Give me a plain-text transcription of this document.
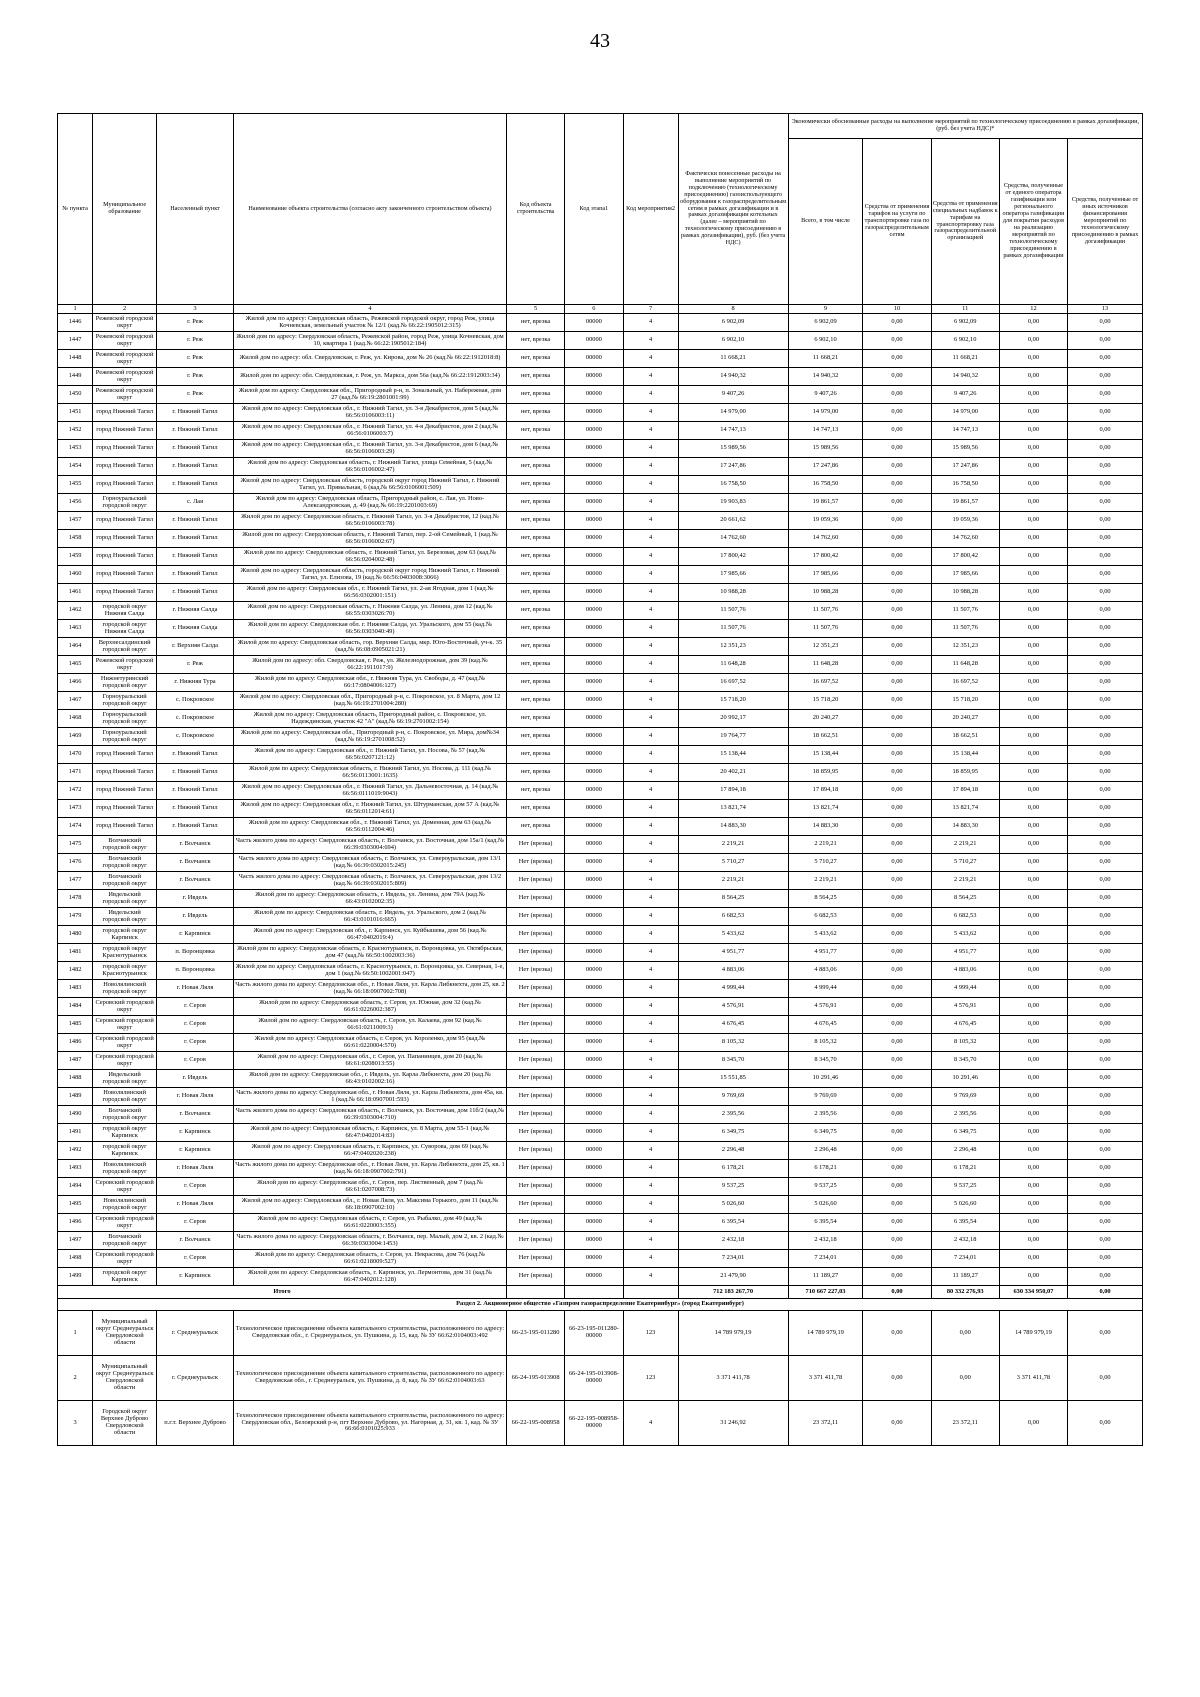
43
№ пункта	Муниципальное образование	Населенный пункт	Наименование объекта строительства (согласно акту законченного строительством объекта)	Код объекта строительства	Код этапа1	Код мероприятия2	Фактически понесенные расходы на выполнение мероприятий по подключению (технологическому присоединению) газоиспользующего оборудования к газораспределительным сетям в рамках догазификации и в рамках догазификации котельных (далее – мероприятий по технологическому присоединению в рамках догазификации), руб. (без учета НДС)	Экономически обоснованные расходы на выполнение мероприятий по технологическому присоединению в рамках догазификации, (руб. без учета НДС)*				
								Всего, в том числе	Средства от применения тарифов на услуги по транспортировке газа по газораспределительным сетям	Средства от применения специальных надбавок к тарифам на транспортировку газа газораспределительной организацией	Средства, полученные от единого оператора газификации или регионального оператора газификации для покрытия расходов на реализацию мероприятий по технологическому присоединению в рамках догазификации	Средства, полученные от иных источников финансирования мероприятий по технологическому присоединению в рамках догазификации
1	2	3	4	5	6	7	8	9	10	11	12	13
1446	Режевской городской округ	г. Реж	Жилой дом по адресу: Свердловская область, Режевской городской округ, город Реж, улица Кочневская, земельный участок № 12/1 (кад.№ 66:22:1905012:315)	нет, врезка	00000	4	6 902,09	6 902,09	0,00	6 902,09	0,00	0,00
1447	Режевской городской округ	г. Реж	Жилой дом по адресу: Свердловская область, Режевской район, город Реж, улица Кочневская, дом 10, квартира 1 (кад.№ 66:22:1905012:184)	нет, врезка	00000	4	6 902,10	6 902,10	0,00	6 902,10	0,00	0,00
1448	Режевской городской округ	г. Реж	Жилой дом по адресу: обл. Свердловская, г. Реж, ул. Кирова, дом № 26 (кад.№ 66:22:1912018:8)	нет, врезка	00000	4	11 668,21	11 668,21	0,00	11 668,21	0,00	0,00
1449	Режевской городской округ	г. Реж	Жилой дом по адресу: обл. Свердловская, г. Реж, ул. Маркса, дом 56а (кад.№ 66:22:1912003:34)	нет, врезка	00000	4	14 940,32	14 940,32	0,00	14 940,32	0,00	0,00
1450	Режевской городской округ	г. Реж	Жилой дом по адресу: Свердловская обл., Пригородный р-н, п. Зональный, ул. Набережная, дом 27 (кад.№ 66:19:2801001:99)	нет, врезка	00000	4	9 407,26	9 407,26	0,00	9 407,26	0,00	0,00
1451	город Нижний Тагил	г. Нижний Тагил	Жилой дом по адресу: Свердловская обл., г. Нижний Тагил, ул. 3-я Декабристов, дом 5 (кад.№ 66:56:0106003:11)	нет, врезка	00000	4	14 979,00	14 979,00	0,00	14 979,00	0,00	0,00
1452	город Нижний Тагил	г. Нижний Тагил	Жилой дом по адресу: Свердловская обл., г. Нижний Тагил, ул. 4-я Декабристов, дом 2 (кад.№ 66:56:0106003:7)	нет, врезка	00000	4	14 747,13	14 747,13	0,00	14 747,13	0,00	0,00
1453	город Нижний Тагил	г. Нижний Тагил	Жилой дом по адресу: Свердловская обл., г. Нижний Тагил, ул. 3-я Декабристов, дом 6 (кад.№ 66:56:0106003:29)	нет, врезка	00000	4	15 989,56	15 989,56	0,00	15 989,56	0,00	0,00
1454	город Нижний Тагил	г. Нижний Тагил	Жилой дом по адресу: Свердловская область, г. Нижний Тагил, улица Семейная, 5 (кад.№ 66:56:0106002:47)	нет, врезка	00000	4	17 247,86	17 247,86	0,00	17 247,86	0,00	0,00
1455	город Нижний Тагил	г. Нижний Тагил	Жилой дом по адресу: Свердловская область, городской округ город Нижний Тагил, г. Нижний Тагил, ул. Прямальная, 6 (кад.№ 66:56:0106001:509)	нет, врезка	00000	4	16 758,50	16 758,50	0,00	16 758,50	0,00	0,00
1456	Горноуральский городской округ	с. Лая	Жилой дом по адресу: Свердловская область, Пригородный район, с. Лая, ул. Ново-Александровская, д. 49 (кад.№ 66:19:2201003:69)	нет, врезка	00000	4	19 903,83	19 861,57	0,00	19 861,57	0,00	0,00
1457	город Нижний Тагил	г. Нижний Тагил	Жилой дом по адресу: Свердловская область, г. Нижний Тагил, ул. 3-я Декабристов, 12 (кад.№ 66:56:0106003:78)	нет, врезка	00000	4	20 661,62	19 059,36	0,00	19 059,36	0,00	0,00
1458	город Нижний Тагил	г. Нижний Тагил	Жилой дом по адресу: Свердловская область, г. Нижний Тагил, пер. 2-ой Семейный, 1 (кад.№ 66:56:0106002:67)	нет, врезка	00000	4	14 762,60	14 762,60	0,00	14 762,60	0,00	0,00
1459	город Нижний Тагил	г. Нижний Тагил	Жилой дом по адресу: Свердловская область, г. Нижний Тагил, ул. Березовая, дом 63 (кад.№ 66:56:0204002:48)	нет, врезка	00000	4	17 800,42	17 800,42	0,00	17 800,42	0,00	0,00
1460	город Нижний Тагил	г. Нижний Тагил	Жилой дом по адресу: Свердловская область, городской округ город Нижний Тагил, г. Нижний Тагил, ул. Елизова, 19 (кад.№ 66:56:0403008:3066)	нет, врезка	00000	4	17 985,66	17 985,66	0,00	17 985,66	0,00	0,00
1461	город Нижний Тагил	г. Нижний Тагил	Жилой дом по адресу: Свердловская обл., г. Нижний Тагил, ул. 2-ая Ягодная, дом 1 (кад.№ 66:56:0302001:151)	нет, врезка	00000	4	10 988,28	10 988,28	0,00	10 988,28	0,00	0,00
1462	городской округ Нижняя Салда	г. Нижняя Салда	Жилой дом по адресу: Свердловская область, г. Нижняя Салда, ул. Ленина, дом 12 (кад.№ 66:55:0303026:70)	нет, врезка	00000	4	11 507,76	11 507,76	0,00	11 507,76	0,00	0,00
1463	городской округ Нижняя Салда	г. Нижняя Салда	Жилой дом по адресу: Свердловская обл. г. Нижняя Салда, ул. Уральского, дом 55 (кад.№ 66:56:0303040:49)	нет, врезка	00000	4	11 507,76	11 507,76	0,00	11 507,76	0,00	0,00
1464	Верхнесалдинский городской округ	г. Верхняя Салда	Жилой дом по адресу: Свердловская область, гор. Верхняя Салда, мкр. Юго-Восточный, уч-к. 35 (кад.№ 66:08:0905021:21)	нет, врезка	00000	4	12 351,23	12 351,23	0,00	12 351,23	0,00	0,00
1465	Режевской городской округ	г. Реж	Жилой дом по адресу: обл. Свердловская, г. Реж, ул. Железнодорожная, дом 39 (кад.№ 66:22:1911017:9)	нет, врезка	00000	4	11 648,28	11 648,28	0,00	11 648,28	0,00	0,00
1466	Нижнетуринский городской округ	г. Нижняя Тура	Жилой дом по адресу: Свердловская обл., г. Нижняя Тура, ул. Свободы, д. 47 (кад.№ 66:17:0804006:127)	нет, врезка	00000	4	16 697,52	16 697,52	0,00	16 697,52	0,00	0,00
1467	Горноуральский городской округ	с. Покровское	Жилой дом по адресу: Свердловская обл., Пригородный р-н, с. Покровское, ул. 8 Марта, дом 12 (кад.№ 66:19:2701004:280)	нет, врезка	00000	4	15 718,20	15 718,20	0,00	15 718,20	0,00	0,00
1468	Горноуральский городской округ	с. Покровское	Жилой дом по адресу: Свердловская область, Пригородный район, с. Покровское, ул. Надеждинская, участок 42 "А" (кад.№ 66:19:2701002:154)	нет, врезка	00000	4	20 992,17	20 240,27	0,00	20 240,27	0,00	0,00
1469	Горноуральский городской округ	с. Покровское	Жилой дом по адресу: Свердловская обл., Пригородный р-н, с. Покровское, ул. Мира, дом№34 (кад.№ 66:19:2701008:52)	нет, врезка	00000	4	19 764,77	18 662,51	0,00	18 662,51	0,00	0,00
1470	город Нижний Тагил	г. Нижний Тагил	Жилой дом по адресу: Свердловская обл., г. Нижний Тагил, ул. Носова, № 57 (кад.№ 66:56:0207121:12)	нет, врезка	00000	4	15 138,44	15 138,44	0,00	15 138,44	0,00	0,00
1471	город Нижний Тагил	г. Нижний Тагил	Жилой дом по адресу: Свердловская область, г. Нижний Тагил, ул. Носова, д. 111 (кад.№ 66:56:0113001:1635)	нет, врезка	00000	4	20 402,21	18 859,95	0,00	18 859,95	0,00	0,00
1472	город Нижний Тагил	г. Нижний Тагил	Жилой дом по адресу: Свердловская обл., г. Нижний Тагил, ул. Дальневосточная, д. 14 (кад.№ 66:56:0111019:9043)	нет, врезка	00000	4	17 894,18	17 894,18	0,00	17 894,18	0,00	0,00
1473	город Нижний Тагил	г. Нижний Тагил	Жилой дом по адресу: Свердловская обл., г. Нижний Тагил, ул. Штурманская, дом 57 А (кад.№ 66:56:0112014:61)	нет, врезка	00000	4	13 821,74	13 821,74	0,00	13 821,74	0,00	0,00
1474	город Нижний Тагил	г. Нижний Тагил	Жилой дом по адресу: Свердловская обл., г. Нижний Тагил, ул. Доменная, дом 63 (кад.№ 66:56:0112004:46)	нет, врезка	00000	4	14 883,30	14 883,30	0,00	14 883,30	0,00	0,00
1475	Волчанский городской округ	г. Волчанск	Часть жилого дома по адресу: Свердловская область, г. Волчанск, ул. Восточная, дом 15а/1 (кад.№ 66:39:0303004:694)	Нет (врезка)	00000	4	2 219,21	2 219,21	0,00	2 219,21	0,00	0,00
1476	Волчанский городской округ	г. Волчанск	Часть жилого дома по адресу: Свердловская область, г. Волчанск, ул. Североуральская, дом 13/1 (кад.№ 66:39:0302015:245)	Нет (врезка)	00000	4	5 710,27	5 710,27	0,00	5 710,27	0,00	0,00
1477	Волчанский городской округ	г. Волчанск	Часть жилого дома по адресу: Свердловская область, г. Волчанск, ул. Североуральская, дом 13/2 (кад.№ 66:39:0302015:809)	Нет (врезка)	00000	4	2 219,21	2 219,21	0,00	2 219,21	0,00	0,00
1478	Ивдельский городской округ	г. Ивдель	Жилой дом по адресу: Свердловская область, г. Ивдель, ул. Ленина, дом 79А (кад.№ 66:43:0102002:35)	Нет (врезка)	00000	4	8 564,25	8 564,25	0,00	8 564,25	0,00	0,00
1479	Ивдельский городской округ	г. Ивдель	Жилой дом по адресу: Свердловская область, г. Ивдель, ул. Уральского, дом 2 (кад.№ 66:43:0101016:665)	Нет (врезка)	00000	4	6 682,53	6 682,53	0,00	6 682,53	0,00	0,00
1480	городской округ Карпинск	г. Карпинск	Жилой дом по адресу: Свердловская обл., г. Карпинск, ул. Куйбышева, дом 56 (кад.№ 66:47:0402019:4)	Нет (врезка)	00000	4	5 433,62	5 433,62	0,00	5 433,62	0,00	0,00
1481	городской округ Краснотурьинск	п. Воронцовка	Жилой дом по адресу: Свердловская область, г. Краснотурьинск, п. Воронцовка, ул. Октябрьская, дом 47 (кад.№ 66:50:1002003:36)	Нет (врезка)	00000	4	4 951,77	4 951,77	0,00	4 951,77	0,00	0,00
1482	городской округ Краснотурьинск	п. Воронцовка	Жилой дом по адресу: Свердловская область, г. Краснотурьинск, п. Воронцовка, ул. Северная, 1-е, дом 1 (кад.№ 66:50:1002001:047)	Нет (врезка)	00000	4	4 883,06	4 883,06	0,00	4 883,06	0,00	0,00
1483	Новолялинский городской округ	г. Новая Ляля	Часть жилого дома по адресу: Свердловская обл., г. Новая Ляля, ул. Карла Либкнехта, дом 25, кв. 2 (кад.№ 66:18:0907002:708)	Нет (врезка)	00000	4	4 999,44	4 999,44	0,00	4 999,44	0,00	0,00
1484	Серовский городской округ	г. Серов	Жилой дом по адресу: Свердловская область, г. Серов, ул. Южная, дом 32 (кад.№ 66:61:0226002:387)	Нет (врезка)	00000	4	4 576,91	4 576,91	0,00	4 576,91	0,00	0,00
1485	Серовский городской округ	г. Серов	Жилой дом по адресу: Свердловская область, г. Серов, ул. Калаева, дом 92 (кад.№ 66:61:0211009:3)	Нет (врезка)	00000	4	4 676,45	4 676,45	0,00	4 676,45	0,00	0,00
1486	Серовский городской округ	г. Серов	Жилой дом по адресу: Свердловская область, г. Серов, ул. Короленко, дом 95 (кад.№ 66:61:0220004:570)	Нет (врезка)	00000	4	8 105,32	8 105,32	0,00	8 105,32	0,00	0,00
1487	Серовский городской округ	г. Серов	Жилой дом по адресу: Свердловская обл., г. Серов, ул. Папанинцев, дом 20 (кад.№ 66:61:0208013:55)	Нет (врезка)	00000	4	8 345,70	8 345,70	0,00	8 345,70	0,00	0,00
1488	Ивдельский городской округ	г. Ивдель	Жилой дом по адресу: Свердловская обл., г. Ивдель, ул. Карла Либкнехта, дом 20 (кад.№ 66:43:0102002:16)	Нет (врезка)	00000	4	15 551,85	10 291,46	0,00	10 291,46	0,00	0,00
1489	Новолялинский городской округ	г. Новая Ляля	Часть жилого дома по адресу: Свердловская обл., г. Новая Ляля, ул. Карла Либкнехта, дом 45а, кв. 1 (кад.№ 66:18:0907001:593)	Нет (врезка)	00000	4	9 769,69	9 769,69	0,00	9 769,69	0,00	0,00
1490	Волчанский городской округ	г. Волчанск	Часть жилого дома по адресу: Свердловская область, г. Волчанск, ул. Восточная, дом 11б/2 (кад.№ 66:39:0303004:710)	Нет (врезка)	00000	4	2 395,56	2 395,56	0,00	2 395,56	0,00	0,00
1491	городской округ Карпинск	г. Карпинск	Жилой дом по адресу: Свердловская область, г. Карпинск, ул. 8 Марта, дом 55-1 (кад.№ 66:47:0402014:83)	Нет (врезка)	00000	4	6 349,75	6 349,75	0,00	6 349,75	0,00	0,00
1492	городской округ Карпинск	г. Карпинск	Жилой дом по адресу: Свердловская область, г. Карпинск, ул. Суворова, дом 69 (кад.№ 66:47:0402020:238)	Нет (врезка)	00000	4	2 296,48	2 296,48	0,00	2 296,48	0,00	0,00
1493	Новолялинский городской округ	г. Новая Ляля	Часть жилого дома по адресу: Свердловская обл., г. Новая Ляля, ул. Карла Либкнехта, дом 25, кв. 1 (кад.№ 66:18:0907002:791)	Нет (врезка)	00000	4	6 178,21	6 178,21	0,00	6 178,21	0,00	0,00
1494	Серовский городской округ	г. Серов	Жилой дом по адресу: Свердловская обл., г. Серов, пер. Лиственный, дом 7 (кад.№ 66:61:0207008:73)	Нет (врезка)	00000	4	9 537,25	9 537,25	0,00	9 537,25	0,00	0,00
1495	Новолялинский городской округ	г. Новая Ляля	Жилой дом по адресу: Свердловская обл., г. Новая Ляля, ул. Максима Горького, дом 11 (кад.№ 66:18:0907002:10)	Нет (врезка)	00000	4	5 026,60	5 026,60	0,00	5 026,60	0,00	0,00
1496	Серовский городской округ	г. Серов	Жилой дом по адресу: Свердловская область, г. Серов, ул. Рыбалко, дом 49 (кад.№ 66:61:0220003:355)	Нет (врезка)	00000	4	6 395,54	6 395,54	0,00	6 395,54	0,00	0,00
1497	Волчанский городской округ	г. Волчанск	Часть жилого дома по адресу: Свердловская область, г. Волчанск, пер. Малый, дом 2, кв. 2 (кад.№ 66:39:0303004:1453)	Нет (врезка)	00000	4	2 432,18	2 432,18	0,00	2 432,18	0,00	0,00
1498	Серовский городской округ	г. Серов	Жилой дом по адресу: Свердловская область, г. Серов, ул. Некрасова, дом 76 (кад.№ 66:61:0218009:527)	Нет (врезка)	00000	4	7 234,01	7 234,01	0,00	7 234,01	0,00	0,00
1499	городской округ Карпинск	г. Карпинск	Жилой дом по адресу: Свердловская область, г. Карпинск, ул. Лермонтова, дом 31 (кад.№ 66:47:0402012:128)	Нет (врезка)	00000	4	21 479,90	11 189,27	0,00	11 189,27	0,00	0,00
Итого							712 183 267,70	710 667 227,03	0,00	80 332 276,93	630 334 950,07	0,00
Раздел 2. Акционерное общество «Газпром газораспределение Екатеринбург» (город Екатеринбург)												
1	Муниципальный округ Среднеуральск Свердловской области	г. Среднеуральск	Технологическое присоединение объекта капитального строительства, расположенного по адресу: Свердловская обл., г. Среднеуральск, ул. Пушкина, д. 15, кад. № ЗУ 66:62:0104003:492	66-23-195-011280	66-23-195-011280-00000	123	14 789 979,19	14 789 979,19	0,00	0,00	14 789 979,19	0,00
2	Муниципальный округ Среднеуральск Свердловской области	г. Среднеуральск	Технологическое присоединение объекта капитального строительства, расположенного по адресу: Свердловская обл., г. Среднеуральск, ул. Пушкина, д. 8, кад. № ЗУ 66:62:0104003:63	66-24-195-013908	66-24-195-013908-00000	123	3 371 411,78	3 371 411,78	0,00	0,00	3 371 411,78	0,00
3	Городской округ Верхнее Дуброво Свердловской области	п.г.т. Верхнее Дуброво	Технологическое присоединение объекта капитального строительства, расположенного по адресу: Свердловская обл., Белоярский р-н, пгт Верхнее Дуброво, ул. Нагорная, д. 31, кв. 1, кад. № ЗУ 66:66:0101025:933	66-22-195-008958	66-22-195-008958-00000	4	31 246,92	23 372,11	0,00	23 372,11	0,00	0,00
